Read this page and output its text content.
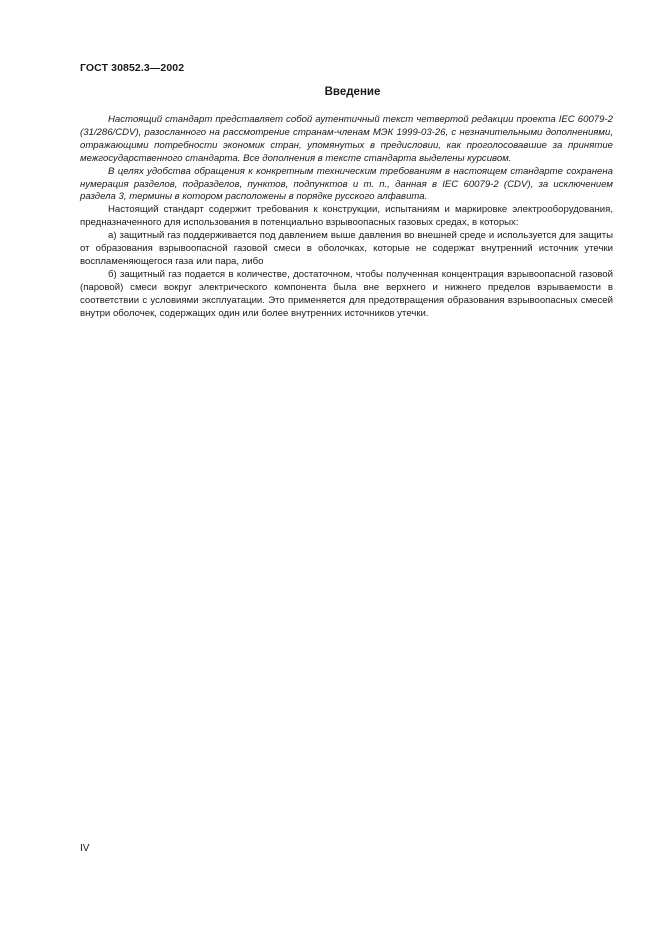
ГОСТ 30852.3—2002
Введение

Настоящий стандарт представляет собой аутентичный текст четвертой редакции проекта IEC 60079-2 (31/286/CDV), разосланного на рассмотрение странам-членам МЭК 1999-03-26, с незначительными дополнениями, отражающими потребности экономик стран, упомянутых в предисловии, как проголосовавшие за принятие межгосударственного стандарта. Все дополнения в тексте стандарта выделены курсивом.

В целях удобства обращения к конкретным техническим требованиям в настоящем стандарте сохранена нумерация разделов, подразделов, пунктов, подпунктов и т. п., данная в IEC 60079-2 (CDV), за исключением раздела 3, термины в котором расположены в порядке русского алфавита.

Настоящий стандарт содержит требования к конструкции, испытаниям и маркировке электрооборудования, предназначенного для использования в потенциально взрывоопасных газовых средах, в которых:

а) защитный газ поддерживается под давлением выше давления во внешней среде и используется для защиты от образования взрывоопасной газовой смеси в оболочках, которые не содержат внутренний источник утечки воспламеняющегося газа или пара, либо

б) защитный газ подается в количестве, достаточном, чтобы полученная концентрация взрывоопасной газовой (паровой) смеси вокруг электрического компонента была вне верхнего и нижнего пределов взрываемости в соответствии с условиями эксплуатации. Это применяется для предотвращения образования взрывоопасных смесей внутри оболочек, содержащих один или более внутренних источников утечки.

IV
